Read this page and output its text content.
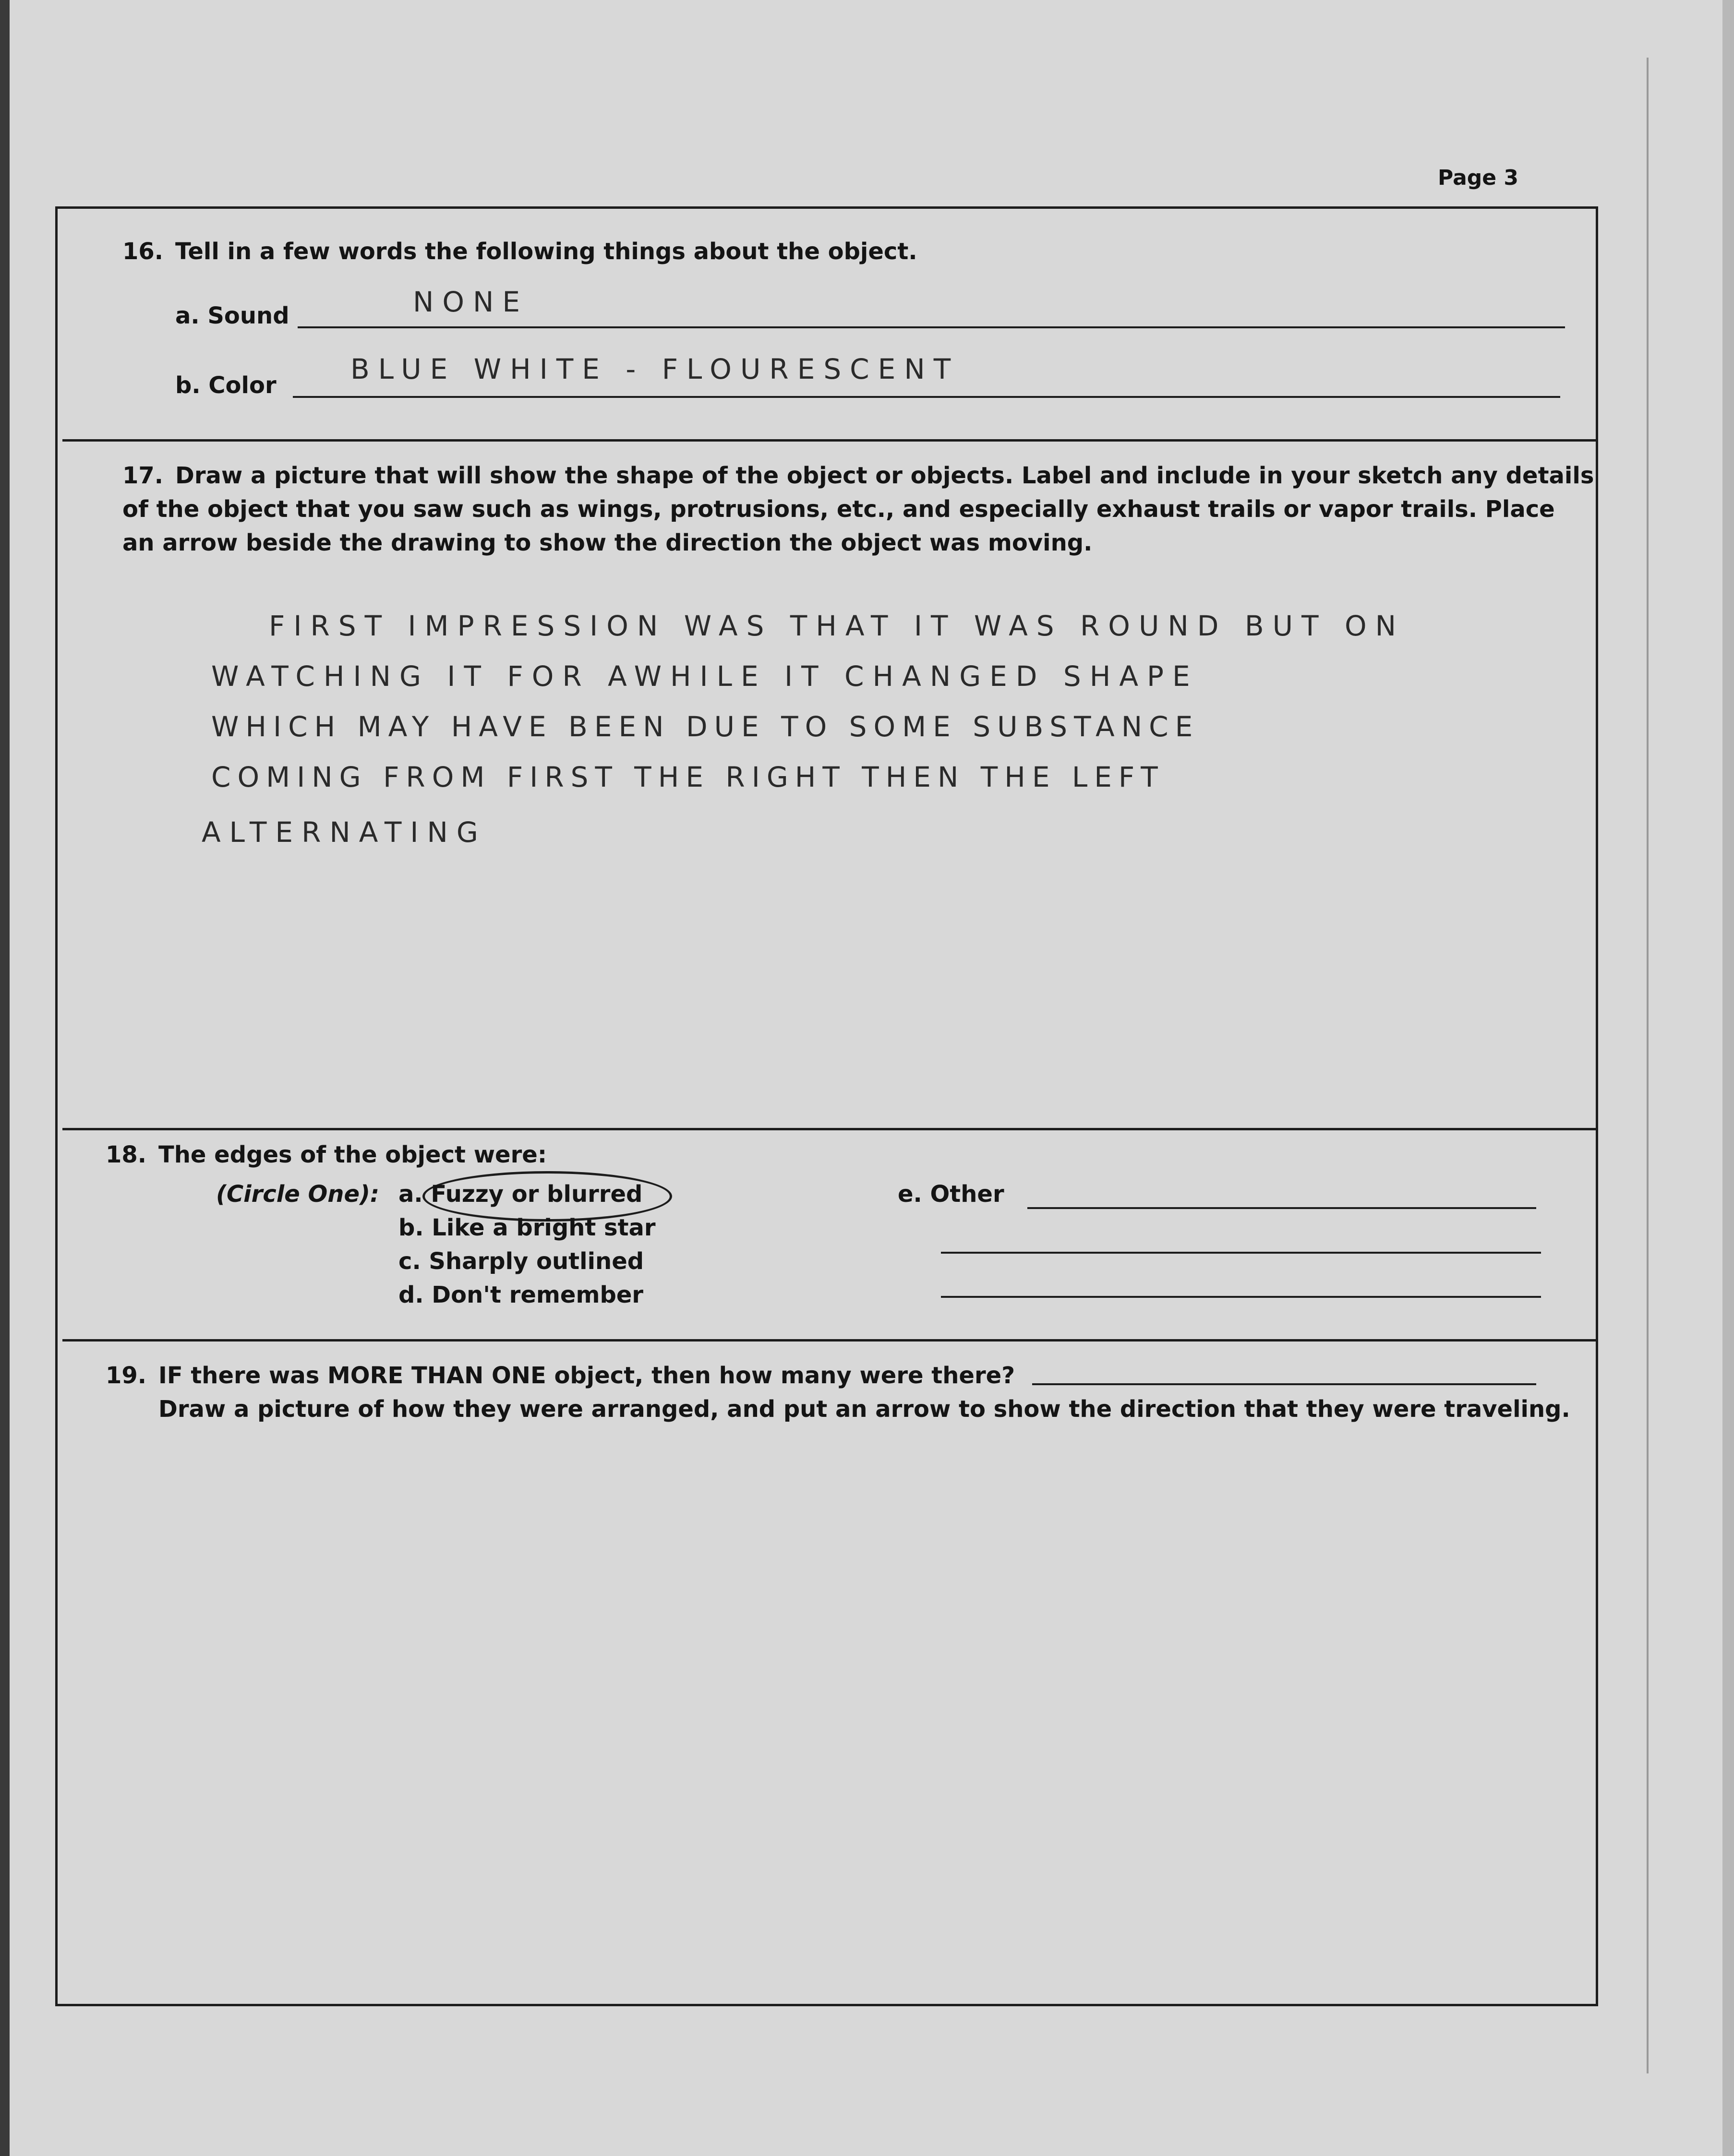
Page 3
16. Tell in a few words the following things about the object.
a. Sound	NONE
b. Color	BLUE WHITE - FLOURESCENT
17. Draw a picture that will show the shape of the object or objects. Label and include in your sketch any details
of the object that you saw such as wings, protrusions, etc., and especially exhaust trails or vapor trails. Place
an arrow beside the drawing to show the direction the object was moving.
FIRST IMPRESSION WAS THAT IT WAS ROUND BUT ON
WATCHING IT FOR AWHILE IT CHANGED SHAPE
WHICH MAY HAVE BEEN DUE TO SOME SUBSTANCE
COMING FROM FIRST THE RIGHT THEN THE LEFT
ALTERNATING
18. The edges of the object were:
(Circle One): a. Fuzzy or blurred
b. Like a bright star
c. Sharply outlined
d. Don't remember
e. Other
19. IF there was MORE THAN ONE object, then how many were there?
Draw a picture of how they were arranged, and put an arrow to show the direction that they were traveling.
